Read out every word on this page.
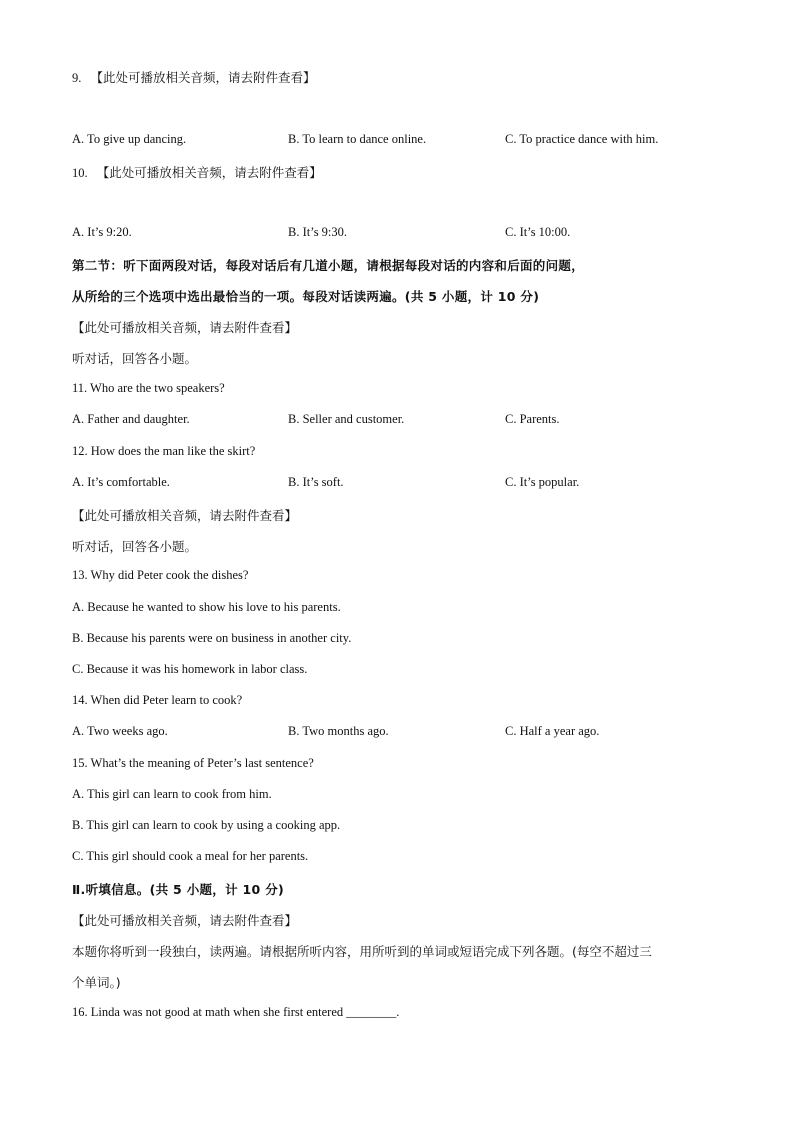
9. 【此处可播放相关音频，请去附件查看】
A. To give up dancing.	B. To learn to dance online.	C. To practice dance with him.
10. 【此处可播放相关音频，请去附件查看】
A. It’s 9:20.	B. It’s 9:30.	C. It’s 10:00.
第二节：听下面两段对话，每段对话后有几道小题，请根据每段对话的内容和后面的问题，
从所给的三个选项中选出最恰当的一项。每段对话读两遍。(共 5 小题，计 10 分)
【此处可播放相关音频，请去附件查看】
听对话，回答各小题。
11. Who are the two speakers?
A. Father and daughter.	B. Seller and customer.	C. Parents.
12. How does the man like the skirt?
A. It’s comfortable.	B. It’s soft.	C. It’s popular.
【此处可播放相关音频，请去附件查看】
听对话，回答各小题。
13. Why did Peter cook the dishes?
A. Because he wanted to show his love to his parents.
B. Because his parents were on business in another city.
C. Because it was his homework in labor class.
14. When did Peter learn to cook?
A. Two weeks ago.	B. Two months ago.	C. Half a year ago.
15. What’s the meaning of Peter’s last sentence?
A. This girl can learn to cook from him.
B. This girl can learn to cook by using a cooking app.
C. This girl should cook a meal for her parents.
Ⅱ.听填信息。(共 5 小题，计 10 分)
【此处可播放相关音频，请去附件查看】
本题你将听到一段独白，读两遍。请根据所听内容，用所听到的单词或短语完成下列各题。(每空不超过三
个单词。)
16. Linda was not good at math when she first entered ________.
